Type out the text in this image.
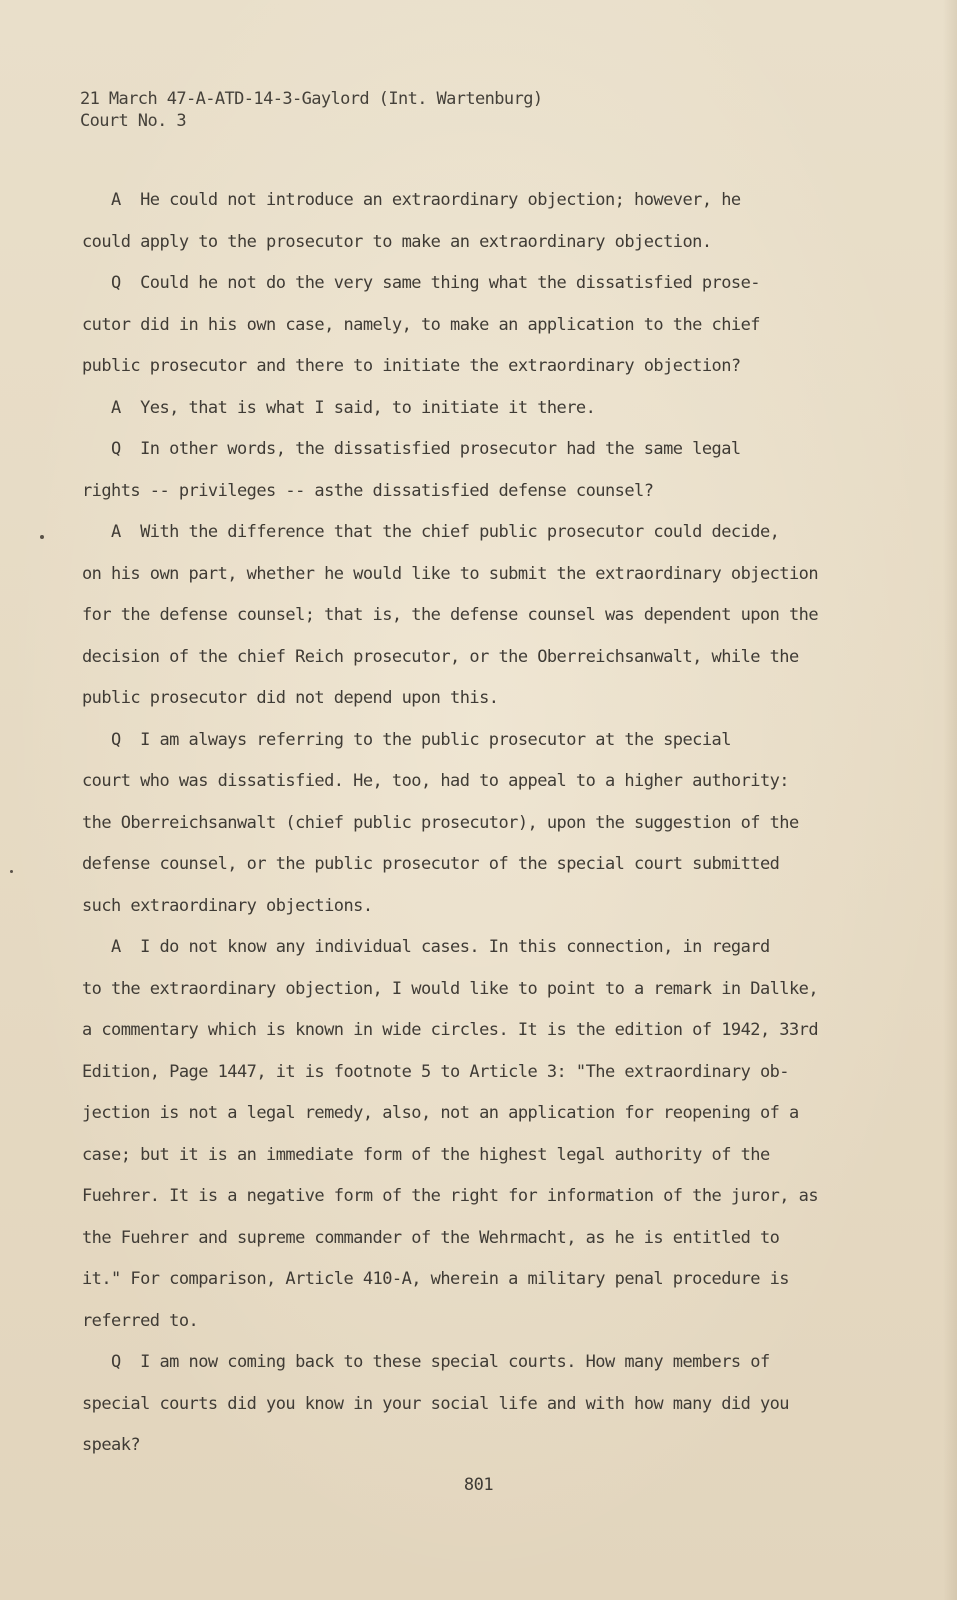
21 March 47-A-ATD-14-3-Gaylord (Int. Wartenburg)
Court No. 3
A  He could not introduce an extraordinary objection; however, he
could apply to the prosecutor to make an extraordinary objection.
Q  Could he not do the very same thing what the dissatisfied prose-
cutor did in his own case, namely, to make an application to the chief
public prosecutor and there to initiate the extraordinary objection?
A  Yes, that is what I said, to initiate it there.
Q  In other words, the dissatisfied prosecutor had the same legal
rights -- privileges -- asthe dissatisfied defense counsel?
A  With the difference that the chief public prosecutor could decide,
on his own part, whether he would like to submit the extraordinary objection
for the defense counsel; that is, the defense counsel was dependent upon the
decision of the chief Reich prosecutor, or the Oberreichsanwalt, while the
public prosecutor did not depend upon this.
Q  I am always referring to the public prosecutor at the special
court who was dissatisfied. He, too, had to appeal to a higher authority:
the Oberreichsanwalt (chief public prosecutor), upon the suggestion of the
defense counsel, or the public prosecutor of the special court submitted
such extraordinary objections.
A  I do not know any individual cases. In this connection, in regard
to the extraordinary objection, I would like to point to a remark in Dallke,
a commentary which is known in wide circles. It is the edition of 1942, 33rd
Edition, Page 1447, it is footnote 5 to Article 3: "The extraordinary ob-
jection is not a legal remedy, also, not an application for reopening of a
case; but it is an immediate form of the highest legal authority of the
Fuehrer. It is a negative form of the right for information of the juror, as
the Fuehrer and supreme commander of the Wehrmacht, as he is entitled to
it." For comparison, Article 410-A, wherein a military penal procedure is
referred to.
Q  I am now coming back to these special courts. How many members of
special courts did you know in your social life and with how many did you
speak?
801
